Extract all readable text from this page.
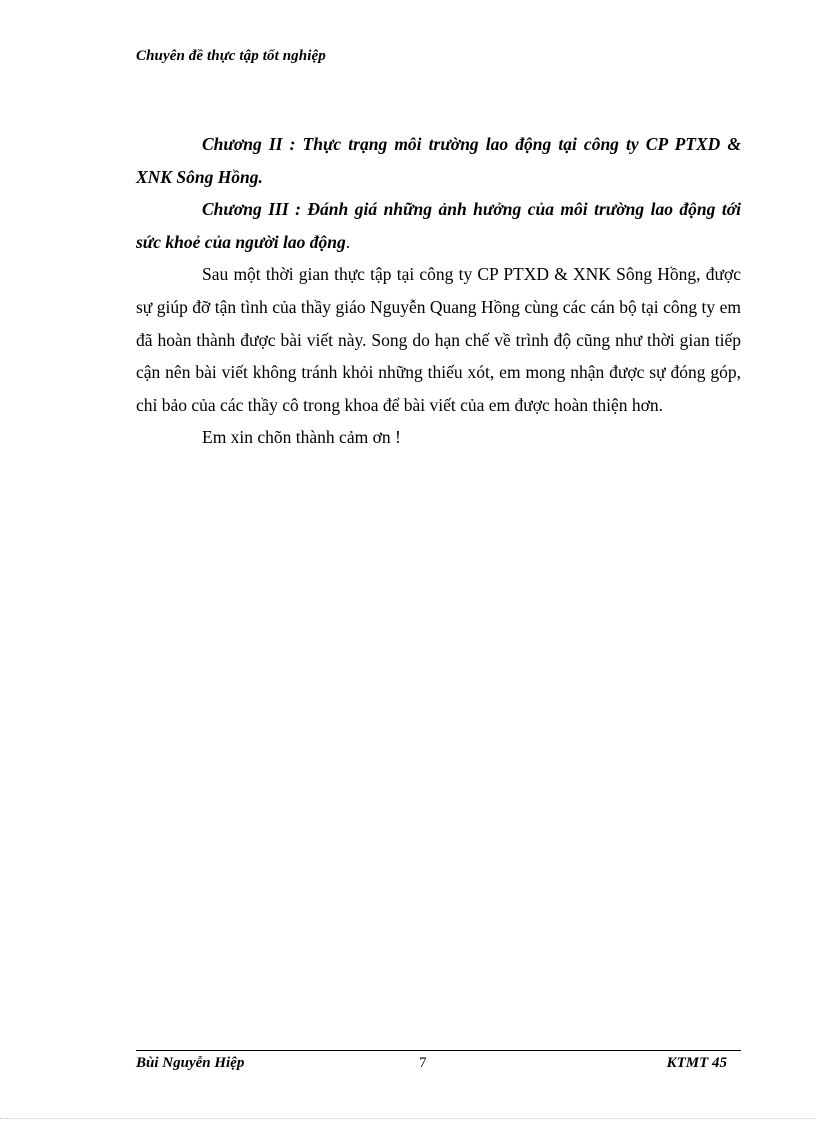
Chuyên đề thực tập tốt nghiệp

Chương II : Thực trạng môi trường lao động tại công ty CP PTXD & XNK Sông Hồng.

Chương III : Đánh giá những ảnh hưởng của môi trường lao động tới sức khoẻ của người lao động.

Sau một thời gian thực tập tại công ty CP PTXD & XNK Sông Hồng, được sự giúp đỡ tận tình của thầy giáo Nguyễn Quang Hồng cùng các cán bộ tại công ty em đã hoàn thành được bài viết này. Song do hạn chế về trình độ cũng như thời gian tiếp cận nên bài viết không tránh khỏi những thiếu xót, em mong nhận được sự đóng góp, chỉ bảo của các thầy cô trong khoa để bài viết của em được hoàn thiện hơn.

Em xin chõn thành cảm ơn !

Bùi Nguyễn Hiệp	7	KTMT 45
